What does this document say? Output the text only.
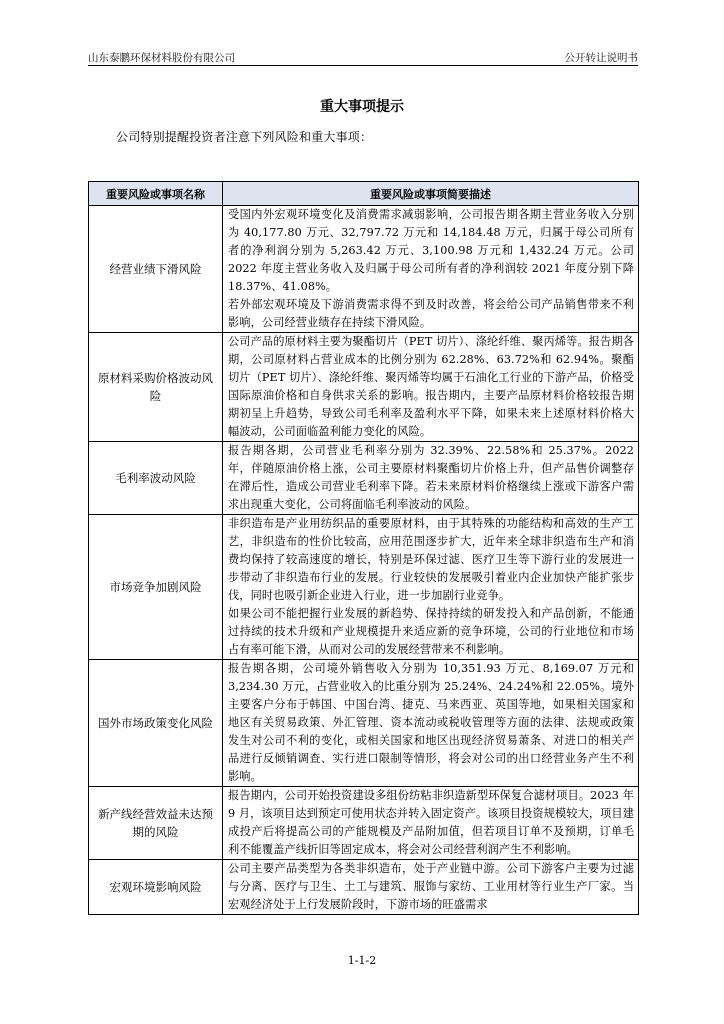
山东泰鹏环保材料股份有限公司	公开转让说明书
重大事项提示
公司特别提醒投资者注意下列风险和重大事项：
重要风险或事项名称	重要风险或事项简要描述
经营业绩下滑风险	受国内外宏观环境变化及消费需求减弱影响，公司报告期各期主营业务收入分别为 40,177.80 万元、32,797.72 万元和 14,184.48 万元，归属于母公司所有者的净利润分别为 5,263.42 万元、3,100.98 万元和 1,432.24 万元。公司 2022 年度主营业务收入及归属于母公司所有者的净利润较 2021 年度分别下降 18.37%、41.08%。

若外部宏观环境及下游消费需求得不到及时改善，将会给公司产品销售带来不利影响，公司经营业绩存在持续下滑风险。

原材料采购价格波动风险	公司产品的原材料主要为聚酯切片（PET 切片）、涤纶纤维、聚丙烯等。报告期各期，公司原材料占营业成本的比例分别为 62.28%、63.72%和 62.94%。聚酯切片（PET 切片）、涤纶纤维、聚丙烯等均属于石油化工行业的下游产品，价格受国际原油价格和自身供求关系的影响。报告期内，主要产品原材料价格较报告期期初呈上升趋势，导致公司毛利率及盈利水平下降，如果未来上述原材料价格大幅波动，公司面临盈利能力变化的风险。

毛利率波动风险	报告期各期，公司营业毛利率分别为 32.39%、22.58%和 25.37%。2022 年，伴随原油价格上涨，公司主要原材料聚酯切片价格上升，但产品售价调整存在滞后性，造成公司营业毛利率下降。若未来原材料价格继续上涨或下游客户需求出现重大变化，公司将面临毛利率波动的风险。

市场竞争加剧风险	非织造布是产业用纺织品的重要原材料，由于其特殊的功能结构和高效的生产工艺，非织造布的性价比较高，应用范围逐步扩大，近年来全球非织造布生产和消费均保持了较高速度的增长，特别是环保过滤、医疗卫生等下游行业的发展进一步带动了非织造布行业的发展。行业较快的发展吸引着业内企业加快产能扩张步伐，同时也吸引新企业进入行业，进一步加剧行业竞争。

如果公司不能把握行业发展的新趋势、保持持续的研发投入和产品创新，不能通过持续的技术升级和产业规模提升来适应新的竞争环境，公司的行业地位和市场占有率可能下滑，从而对公司的发展经营带来不利影响。

国外市场政策变化风险	报告期各期，公司境外销售收入分别为 10,351.93 万元、8,169.07 万元和 3,234.30 万元，占营业收入的比重分别为 25.24%、24.24%和 22.05%。境外主要客户分布于韩国、中国台湾、捷克、马来西亚、英国等地，如果相关国家和地区有关贸易政策、外汇管理、资本流动或税收管理等方面的法律、法规或政策发生对公司不利的变化，或相关国家和地区出现经济贸易萧条、对进口的相关产品进行反倾销调查、实行进口限制等情形，将会对公司的出口经营业务产生不利影响。

新产线经营效益未达预期的风险	报告期内，公司开始投资建设多组份纺粘非织造新型环保复合滤材项目。2023 年 9 月，该项目达到预定可使用状态并转入固定资产。该项目投资规模较大，项目建成投产后将提高公司的产能规模及产品附加值，但若项目订单不及预期，订单毛利不能覆盖产线折旧等固定成本，将会对公司经营利润产生不利影响。

宏观环境影响风险	公司主要产品类型为各类非织造布，处于产业链中游。公司下游客户主要为过滤与分离、医疗与卫生、土工与建筑、服饰与家纺、工业用材等行业生产厂家。当宏观经济处于上行发展阶段时，下游市场的旺盛需求

1-1-2
